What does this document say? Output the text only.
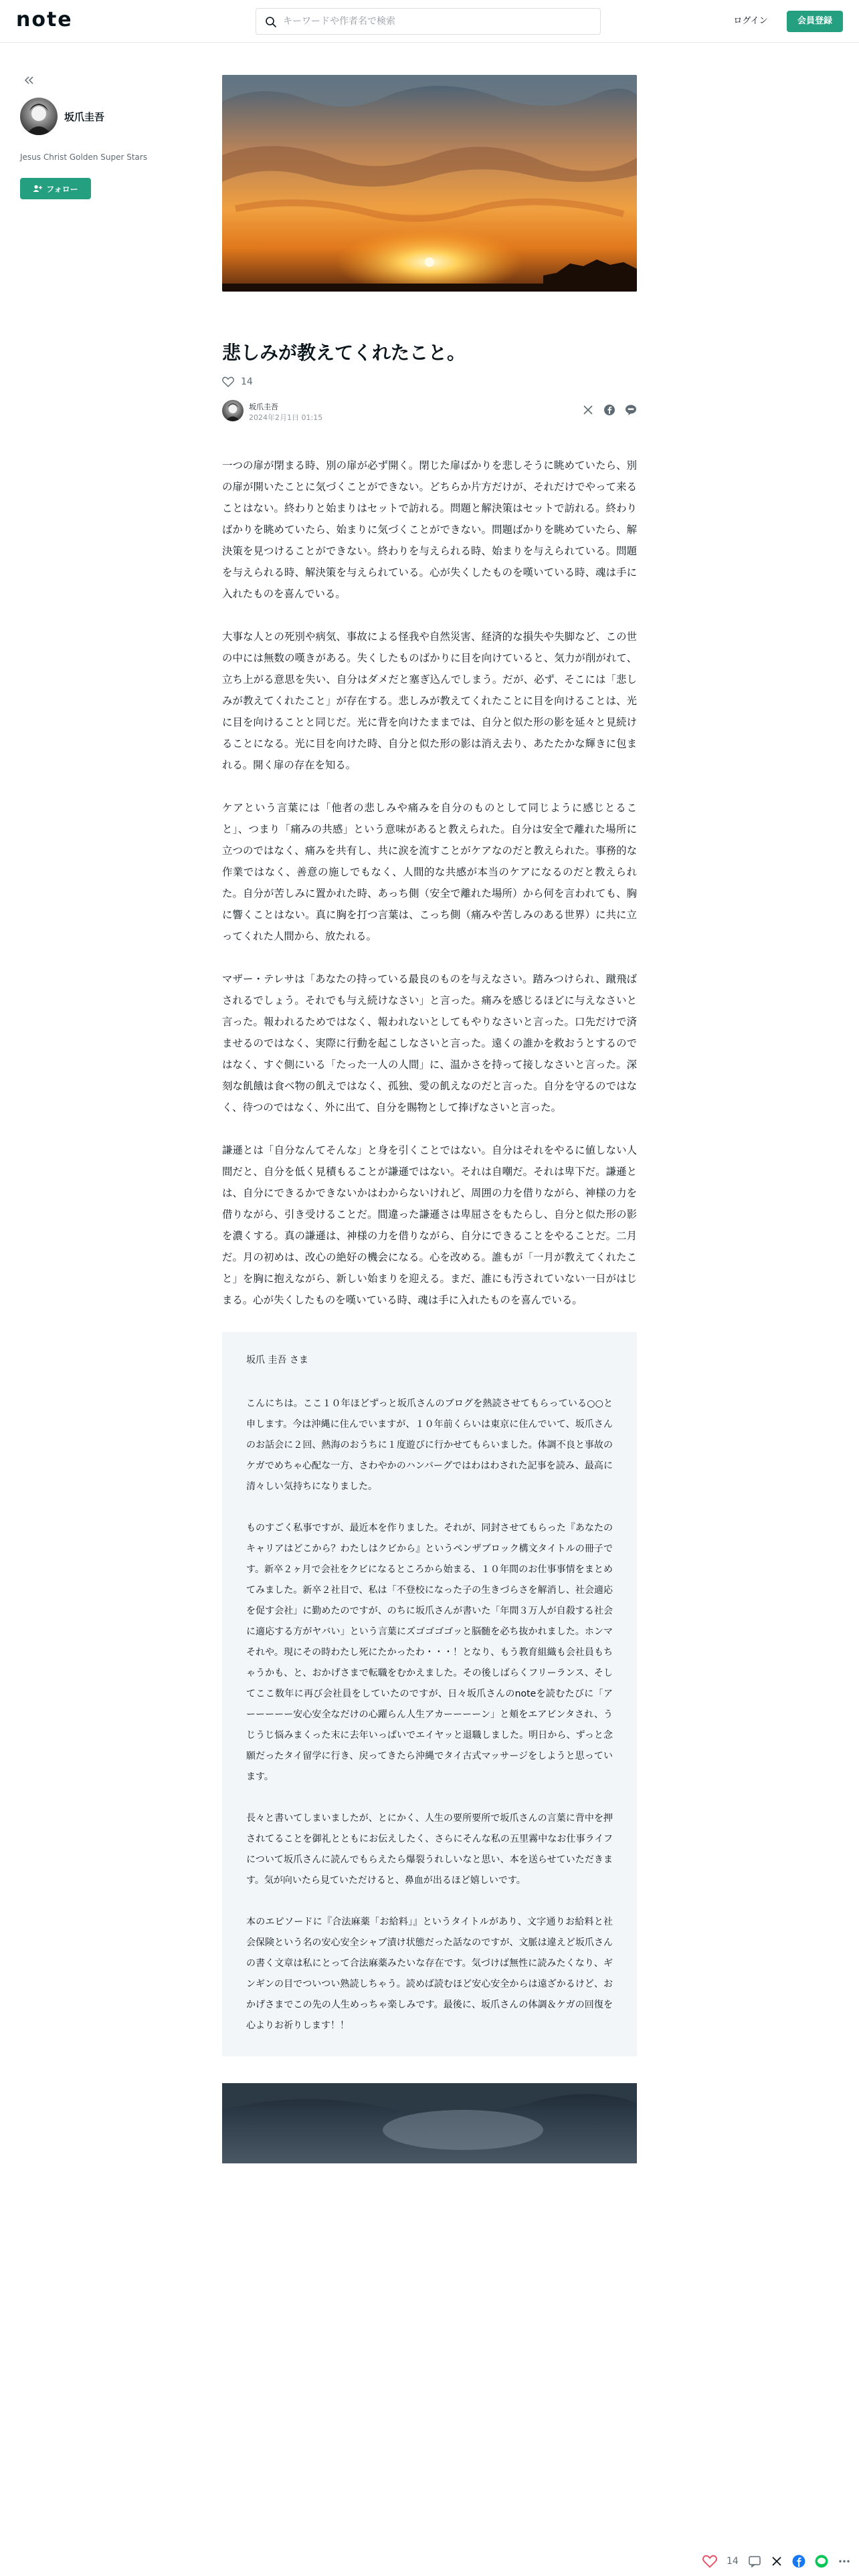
note
キーワードや作者名で検索	ログイン	会員登録
坂爪圭吾
Jesus Christ Golden Super Stars
フォロー
悲しみが教えてくれたこと。
14
坂爪圭吾
2024年2月1日 01:15

一つの扉が閉まる時、別の扉が必ず開く。閉じた扉ばかりを悲しそうに眺めていたら、別の扉が開いたことに気づくことができない。どちらか片方だけが、それだけでやって来ることはない。終わりと始まりはセットで訪れる。問題と解決策はセットで訪れる。終わりばかりを眺めていたら、始まりに気づくことができない。問題ばかりを眺めていたら、解決策を見つけることができない。終わりを与えられる時、始まりを与えられている。問題を与えられる時、解決策を与えられている。心が失くしたものを嘆いている時、魂は手に入れたものを喜んでいる。

大事な人との死別や病気、事故による怪我や自然災害、経済的な損失や失脚など、この世の中には無数の嘆きがある。失くしたものばかりに目を向けていると、気力が削がれて、立ち上がる意思を失い、自分はダメだと塞ぎ込んでしまう。だが、必ず、そこには「悲しみが教えてくれたこと」が存在する。悲しみが教えてくれたことに目を向けることは、光に目を向けることと同じだ。光に背を向けたままでは、自分と似た形の影を延々と見続けることになる。光に目を向けた時、自分と似た形の影は消え去り、あたたかな輝きに包まれる。開く扉の存在を知る。

ケアという言葉には「他者の悲しみや痛みを自分のものとして同じように感じとること」、つまり「痛みの共感」という意味があると教えられた。自分は安全で離れた場所に立つのではなく、痛みを共有し、共に涙を流すことがケアなのだと教えられた。事務的な作業ではなく、善意の施しでもなく、人間的な共感が本当のケアになるのだと教えられた。自分が苦しみに置かれた時、あっち側（安全で離れた場所）から何を言われても、胸に響くことはない。真に胸を打つ言葉は、こっち側（痛みや苦しみのある世界）に共に立ってくれた人間から、放たれる。

マザー・テレサは「あなたの持っている最良のものを与えなさい。踏みつけられ、蹴飛ばされるでしょう。それでも与え続けなさい」と言った。痛みを感じるほどに与えなさいと言った。報われるためではなく、報われないとしてもやりなさいと言った。口先だけで済ませるのではなく、実際に行動を起こしなさいと言った。遠くの誰かを救おうとするのではなく、すぐ側にいる「たった一人の人間」に、温かさを持って接しなさいと言った。深刻な飢餓は食べ物の飢えではなく、孤独、愛の飢えなのだと言った。自分を守るのではなく、待つのではなく、外に出て、自分を賜物として捧げなさいと言った。

謙遜とは「自分なんてそんな」と身を引くことではない。自分はそれをやるに値しない人間だと、自分を低く見積もることが謙遜ではない。それは自嘲だ。それは卑下だ。謙遜とは、自分にできるかできないかはわからないけれど、周囲の力を借りながら、神様の力を借りながら、引き受けることだ。間違った謙遜さは卑屈さをもたらし、自分と似た形の影を濃くする。真の謙遜は、神様の力を借りながら、自分にできることをやることだ。二月だ。月の初めは、改心の絶好の機会になる。心を改める。誰もが「一月が教えてくれたこと」を胸に抱えながら、新しい始まりを迎える。まだ、誰にも汚されていない一日がはじまる。心が失くしたものを嘆いている時、魂は手に入れたものを喜んでいる。

坂爪 圭吾 さま

こんにちは。ここ１０年ほどずっと坂爪さんのブログを熱読させてもらっている○○と申します。今は沖縄に住んでいますが、１０年前くらいは東京に住んでいて、坂爪さんのお話会に２回、熱海のおうちに１度遊びに行かせてもらいました。体調不良と事故のケガでめちゃ心配な一方、さわやかのハンバーグではわはわされた記事を読み、最高に清々しい気持ちになりました。

ものすごく私事ですが、最近本を作りました。それが、同封させてもらった『あなたのキャリアはどこから？わたしはクビから』というペンザブロック構文タイトルの冊子です。新卒２ヶ月で会社をクビになるところから始まる、１０年間のお仕事事情をまとめてみました。新卒２社目で、私は「不登校になった子の生きづらさを解消し、社会適応を促す会社」に勤めたのですが、のちに坂爪さんが書いた「年間３万人が自殺する社会に適応する方がヤバい」という言葉にズゴゴゴゴッと脳髄を必ち抜かれました。ホンマそれや。現にその時わたし死にたかったわ・・・！となり、もう教育組織も会社員もちゃうかも、と、おかげさまで転職をむかえました。その後しばらくフリーランス、そしてここ数年に再び会社員をしていたのですが、日々坂爪さんのnoteを読むたびに「アーーーーー安心安全なだけの心躍らん人生アカーーーーン」と頬をエアビンタされ、うじうじ悩みまくった末に去年いっぱいでエイヤッと退職しました。明日から、ずっと念願だったタイ留学に行き、戻ってきたら沖縄でタイ古式マッサージをしようと思っています。

長々と書いてしまいましたが、とにかく、人生の要所要所で坂爪さんの言葉に背中を押されてることを御礼とともにお伝えしたく、さらにそんな私の五里霧中なお仕事ライフについて坂爪さんに読んでもらえたら爆裂うれしいなと思い、本を送らせていただきます。気が向いたら見ていただけると、鼻血が出るほど嬉しいです。

本のエピソードに『合法麻薬「お給料」』というタイトルがあり、文字通りお給料と社会保険という名の安心安全シャブ漬け状態だった話なのですが、文脈は違えど坂爪さんの書く文章は私にとって合法麻薬みたいな存在です。気づけば無性に読みたくなり、ギンギンの目でついつい熟読しちゃう。読めば読むほど安心安全からは遠ざかるけど、おかげさまでこの先の人生めっちゃ楽しみです。最後に、坂爪さんの体調＆ケガの回復を心よりお祈りします！！

14
